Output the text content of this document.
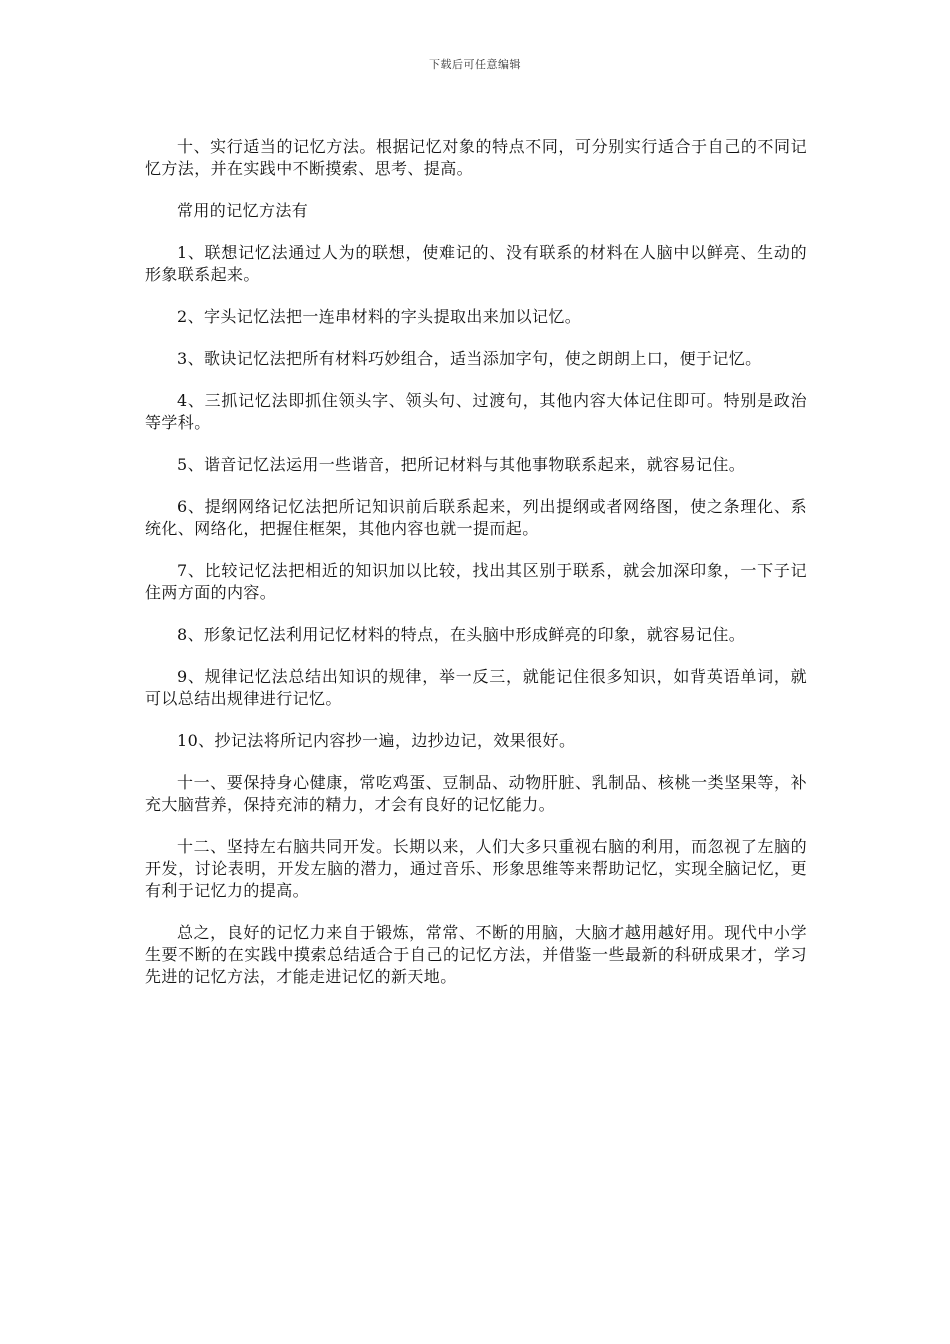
下载后可任意编辑

十、实行适当的记忆方法。根据记忆对象的特点不同，可分别实行适合于自己的不同记忆方法，并在实践中不断摸索、思考、提高。

常用的记忆方法有

1、联想记忆法通过人为的联想，使难记的、没有联系的材料在人脑中以鲜亮、生动的形象联系起来。

2、字头记忆法把一连串材料的字头提取出来加以记忆。

3、歌诀记忆法把所有材料巧妙组合，适当添加字句，使之朗朗上口，便于记忆。

4、三抓记忆法即抓住领头字、领头句、过渡句，其他内容大体记住即可。特别是政治等学科。

5、谐音记忆法运用一些谐音，把所记材料与其他事物联系起来，就容易记住。

6、提纲网络记忆法把所记知识前后联系起来，列出提纲或者网络图，使之条理化、系统化、网络化，把握住框架，其他内容也就一提而起。

7、比较记忆法把相近的知识加以比较，找出其区别于联系，就会加深印象，一下子记住两方面的内容。

8、形象记忆法利用记忆材料的特点，在头脑中形成鲜亮的印象，就容易记住。

9、规律记忆法总结出知识的规律，举一反三，就能记住很多知识，如背英语单词，就可以总结出规律进行记忆。

10、抄记法将所记内容抄一遍，边抄边记，效果很好。

十一、要保持身心健康，常吃鸡蛋、豆制品、动物肝脏、乳制品、核桃一类坚果等，补充大脑营养，保持充沛的精力，才会有良好的记忆能力。

十二、坚持左右脑共同开发。长期以来，人们大多只重视右脑的利用，而忽视了左脑的开发，讨论表明，开发左脑的潜力，通过音乐、形象思维等来帮助记忆，实现全脑记忆，更有利于记忆力的提高。

总之，良好的记忆力来自于锻炼，常常、不断的用脑，大脑才越用越好用。现代中小学生要不断的在实践中摸索总结适合于自己的记忆方法，并借鉴一些最新的科研成果才，学习先进的记忆方法，才能走进记忆的新天地。
